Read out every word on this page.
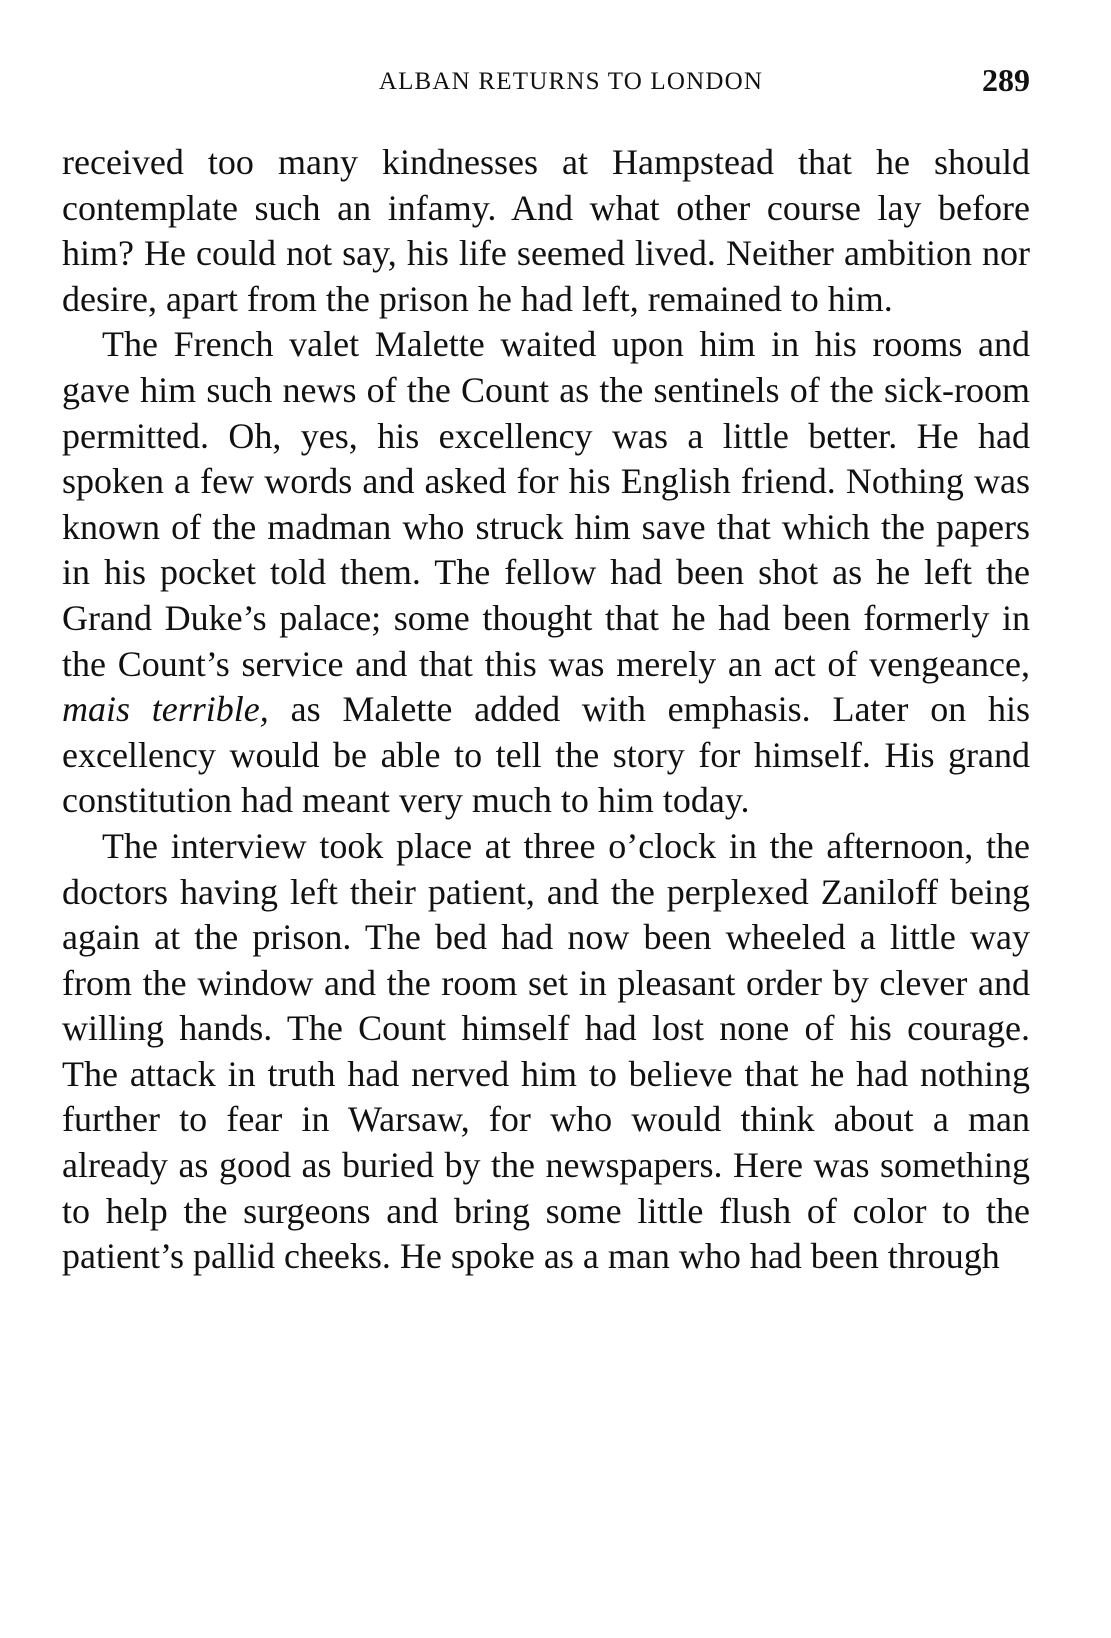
ALBAN RETURNS TO LONDON	289

received too many kindnesses at Hampstead that he should contemplate such an infamy. And what other course lay before him? He could not say, his life seemed lived. Neither ambition nor desire, apart from the prison he had left, remained to him.

The French valet Malette waited upon him in his rooms and gave him such news of the Count as the sentinels of the sick-room permitted. Oh, yes, his excellency was a little better. He had spoken a few words and asked for his English friend. Nothing was known of the madman who struck him save that which the papers in his pocket told them. The fellow had been shot as he left the Grand Duke’s palace; some thought that he had been formerly in the Count’s service and that this was merely an act of vengeance, mais terrible, as Malette added with emphasis. Later on his excellency would be able to tell the story for himself. His grand constitution had meant very much to him today.

The interview took place at three o’clock in the afternoon, the doctors having left their patient, and the perplexed Zaniloff being again at the prison. The bed had now been wheeled a little way from the window and the room set in pleasant order by clever and willing hands. The Count himself had lost none of his courage. The attack in truth had nerved him to believe that he had nothing further to fear in Warsaw, for who would think about a man already as good as buried by the newspapers. Here was something to help the surgeons and bring some little flush of color to the patient’s pallid cheeks. He spoke as a man who had been through
